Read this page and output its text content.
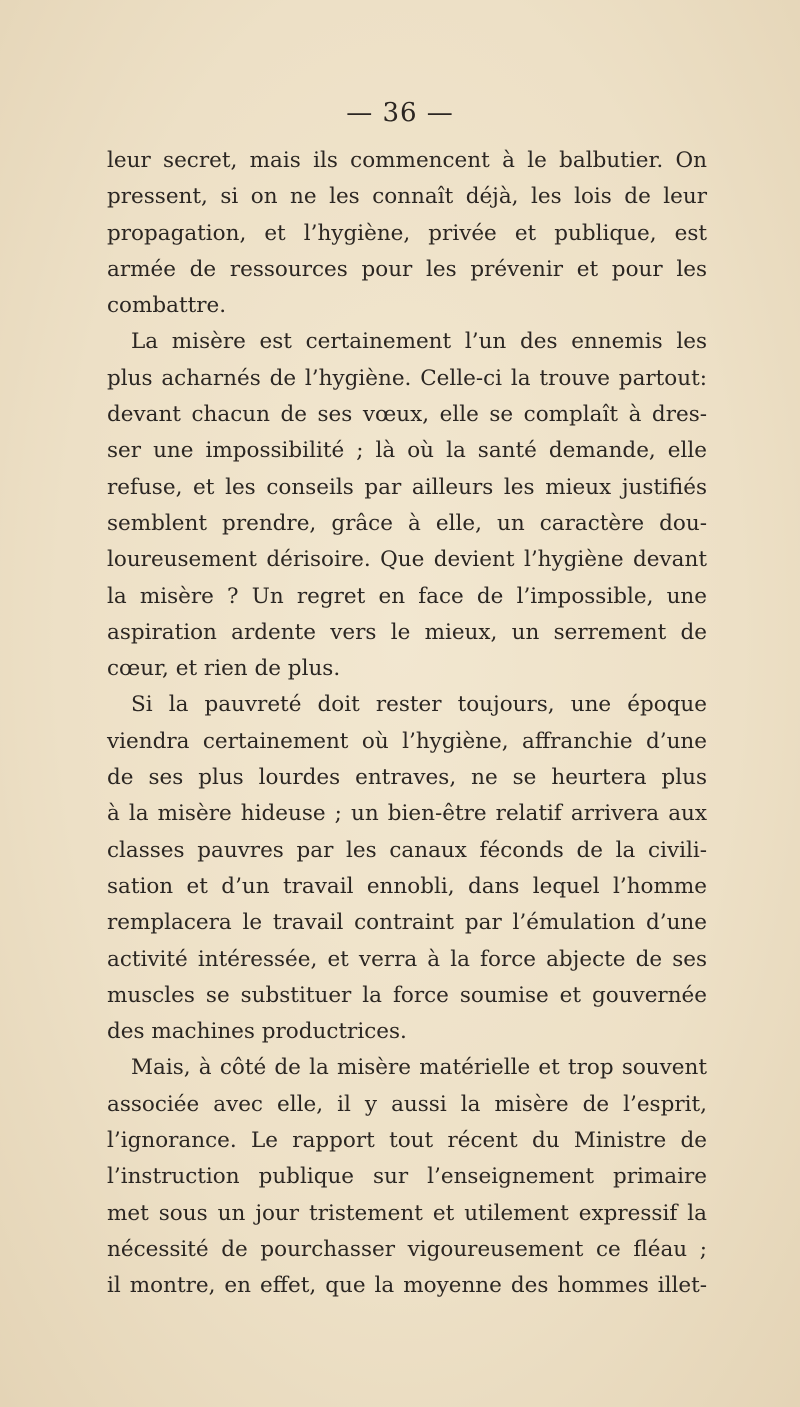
— 36 —
leur secret, mais ils commencent à le balbutier. On
pressent, si on ne les connaît déjà, les lois de leur
propagation, et l’hygiène, privée et publique, est
armée de ressources pour les prévenir et pour les
combattre.
La misère est certainement l’un des ennemis les
plus acharnés de l’hygiène. Celle-ci la trouve partout:
devant chacun de ses vœux, elle se complaît à dres-
ser une impossibilité ; là où la santé demande, elle
refuse, et les conseils par ailleurs les mieux justifiés
semblent prendre, grâce à elle, un caractère dou-
loureusement dérisoire. Que devient l’hygiène devant
la misère ? Un regret en face de l’impossible, une
aspiration ardente vers le mieux, un serrement de
cœur, et rien de plus.
Si la pauvreté doit rester toujours, une époque
viendra certainement où l’hygiène, affranchie d’une
de ses plus lourdes entraves, ne se heurtera plus
à la misère hideuse ; un bien-être relatif arrivera aux
classes pauvres par les canaux féconds de la civili-
sation et d’un travail ennobli, dans lequel l’homme
remplacera le travail contraint par l’émulation d’une
activité intéressée, et verra à la force abjecte de ses
muscles se substituer la force soumise et gouvernée
des machines productrices.
Mais, à côté de la misère matérielle et trop souvent
associée avec elle, il y aussi la misère de l’esprit,
l’ignorance. Le rapport tout récent du Ministre de
l’instruction publique sur l’enseignement primaire
met sous un jour tristement et utilement expressif la
nécessité de pourchasser vigoureusement ce fléau ;
il montre, en effet, que la moyenne des hommes illet-
